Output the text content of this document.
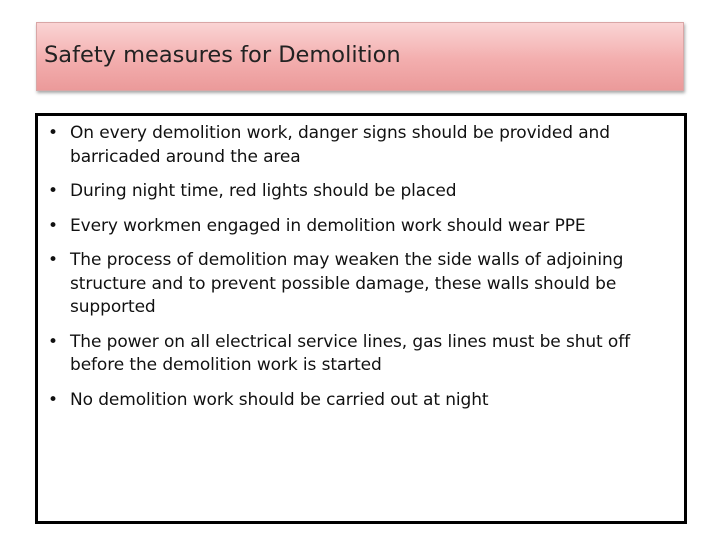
Safety measures for Demolition
• On every demolition work, danger signs should be provided and barricaded around the area
• During night time, red lights should be placed
• Every workmen engaged in demolition work should wear PPE
• The process of demolition may weaken the side walls of adjoining structure and to prevent possible damage, these walls should be supported
• The power on all electrical service lines, gas lines must be shut off before the demolition work is started
• No demolition work should be carried out at night
